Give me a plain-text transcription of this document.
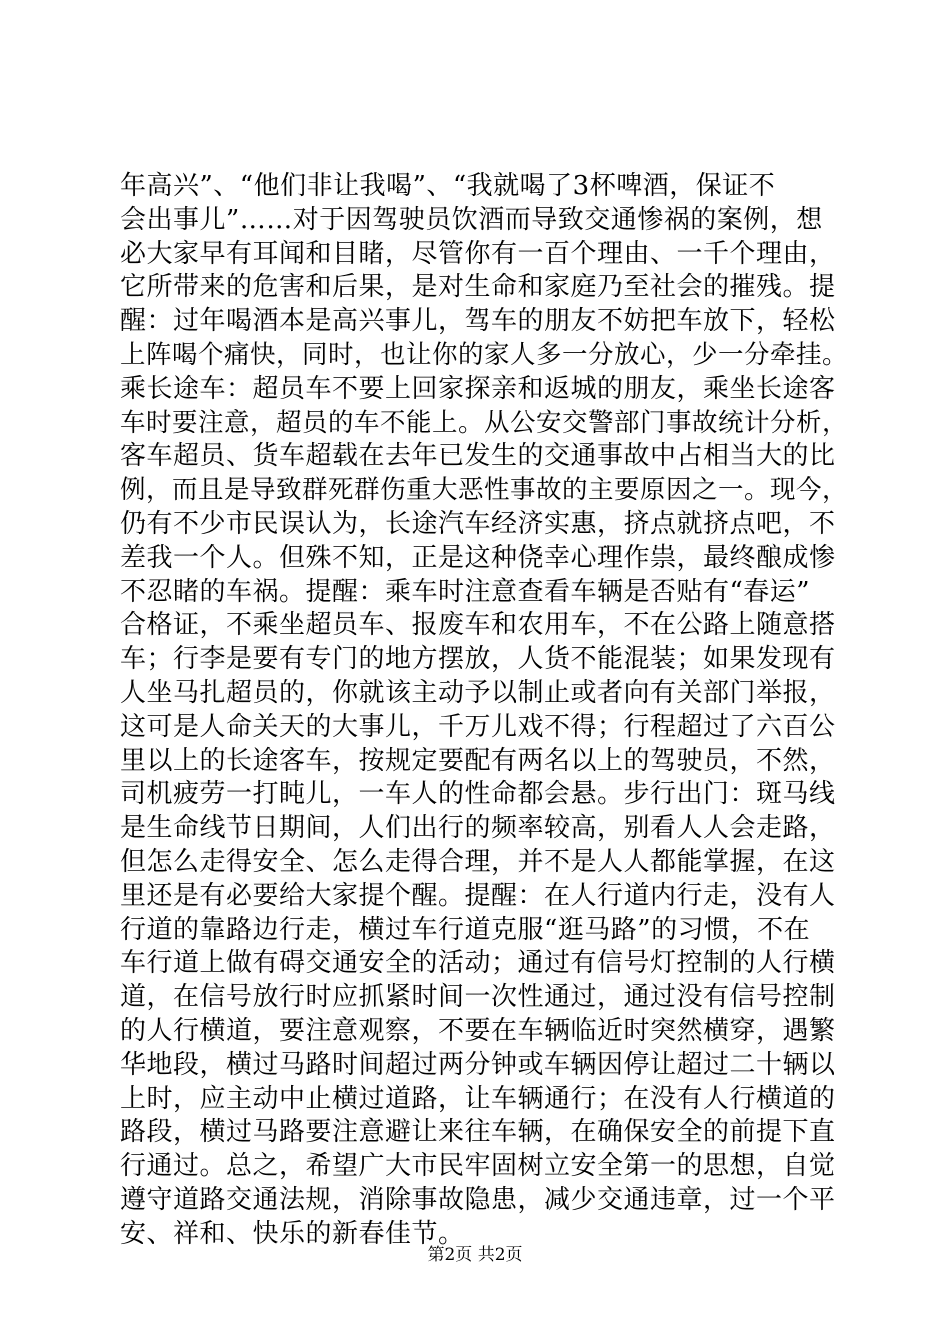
年高兴”、“他们非让我喝”、“我就喝了3杯啤酒，保证不
会出事儿”……对于因驾驶员饮酒而导致交通惨祸的案例，想
必大家早有耳闻和目睹，尽管你有一百个理由、一千个理由，
它所带来的危害和后果，是对生命和家庭乃至社会的摧残。提
醒：过年喝酒本是高兴事儿，驾车的朋友不妨把车放下，轻松
上阵喝个痛快，同时，也让你的家人多一分放心，少一分牵挂。
乘长途车：超员车不要上回家探亲和返城的朋友，乘坐长途客
车时要注意，超员的车不能上。从公安交警部门事故统计分析，
客车超员、货车超载在去年已发生的交通事故中占相当大的比
例，而且是导致群死群伤重大恶性事故的主要原因之一。现今，
仍有不少市民误认为，长途汽车经济实惠，挤点就挤点吧，不
差我一个人。但殊不知，正是这种侥幸心理作祟，最终酿成惨
不忍睹的车祸。提醒：乘车时注意查看车辆是否贴有“春运”
合格证，不乘坐超员车、报废车和农用车，不在公路上随意搭
车；行李是要有专门的地方摆放，人货不能混装；如果发现有
人坐马扎超员的，你就该主动予以制止或者向有关部门举报，
这可是人命关天的大事儿，千万儿戏不得；行程超过了六百公
里以上的长途客车，按规定要配有两名以上的驾驶员，不然，
司机疲劳一打盹儿，一车人的性命都会悬。步行出门：斑马线
是生命线节日期间，人们出行的频率较高，别看人人会走路，
但怎么走得安全、怎么走得合理，并不是人人都能掌握，在这
里还是有必要给大家提个醒。提醒：在人行道内行走，没有人
行道的靠路边行走，横过车行道克服“逛马路”的习惯，不在
车行道上做有碍交通安全的活动；通过有信号灯控制的人行横
道，在信号放行时应抓紧时间一次性通过，通过没有信号控制
的人行横道，要注意观察，不要在车辆临近时突然横穿，遇繁
华地段，横过马路时间超过两分钟或车辆因停让超过二十辆以
上时，应主动中止横过道路，让车辆通行；在没有人行横道的
路段，横过马路要注意避让来往车辆，在确保安全的前提下直
行通过。总之，希望广大市民牢固树立安全第一的思想，自觉
遵守道路交通法规，消除事故隐患，减少交通违章，过一个平
安、祥和、快乐的新春佳节。
第2页 共2页
